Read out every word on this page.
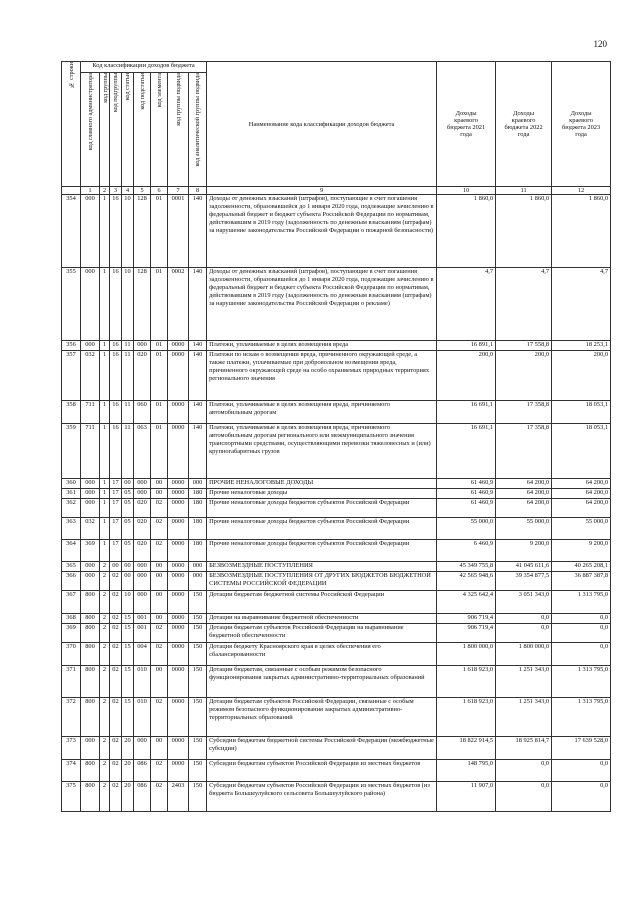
120
№ строки	Код классификации доходов бюджета								Наименование кода классификации доходов бюджета	Доходы краевого бюджета 2021 года	Доходы краевого бюджета 2022 года	Доходы краевого бюджета 2023 года

	код главного администратора	код группы	код подгруппы	код статьи	код подстатьи	код элемента	код группы подвида	код аналитической группы подвида				

	1	2	3	4	5	6	7	8	9	10	11	12
354	000	1	16	10	128	01	0001	140	Доходы от денежных взысканий (штрафов), поступающие в счет погашения задолженности, образовавшейся до 1 января 2020 года, подлежащие зачислению в федеральный бюджет и бюджет субъекта Российской Федерации по нормативам, действовавшим в 2019 году (задолженность по денежным взысканиям (штрафам) за нарушение законодательства Российской Федерации о пожарной безопасности)	1 860,0	1 860,0	1 860,0
355	000	1	16	10	128	01	0002	140	Доходы от денежных взысканий (штрафов), поступающие в счет погашения задолженности, образовавшейся до 1 января 2020 года, подлежащие зачислению в федеральный бюджет и бюджет субъекта Российской Федерации по нормативам, действовавшим в 2019 году (задолженность по денежным взысканиям (штрафам) за нарушение законодательства Российской Федерации о рекламе)	4,7	4,7	4,7
356	000	1	16	11	000	01	0000	140	Платежи, уплачиваемые в целях возмещения вреда	16 891,1	17 558,8	18 253,1
357	032	1	16	11	020	01	0000	140	Платежи по искам о возмещении вреда, причиненного окружающей среде, а также платежи, уплачиваемые при добровольном возмещении вреда, причиненного окружающей среде на особо охраняемых природных территориях регионального значения	200,0	200,0	200,0
358	711	1	16	11	060	01	0000	140	Платежи, уплачиваемые в целях возмещения вреда, причиняемого автомобильным дорогам	16 691,1	17 358,8	18 053,1
359	711	1	16	11	063	01	0000	140	Платежи, уплачиваемые в целях возмещения вреда, причиняемого автомобильным дорогам регионального или межмуниципального значения транспортными средствами, осуществляющими перевозки тяжеловесных и (или) крупногабаритных грузов	16 691,1	17 358,8	18 053,1
360	000	1	17	00	000	00	0000	000	ПРОЧИЕ НЕНАЛОГОВЫЕ ДОХОДЫ	61 460,9	64 200,0	64 200,0
361	000	1	17	05	000	00	0000	180	Прочие неналоговые доходы	61 460,9	64 200,0	64 200,0
362	000	1	17	05	020	02	0000	180	Прочие неналоговые доходы бюджетов субъектов Российской Федерации	61 460,9	64 200,0	64 200,0
363	032	1	17	05	020	02	0000	180	Прочие неналоговые доходы бюджетов субъектов Российской Федерации	55 000,0	55 000,0	55 000,0
364	369	1	17	05	020	02	0000	180	Прочие неналоговые доходы бюджетов субъектов Российской Федерации	6 460,9	9 200,0	9 200,0
365	000	2	00	00	000	00	0000	000	БЕЗВОЗМЕЗДНЫЕ ПОСТУПЛЕНИЯ	45 349 755,8	41 045 611,6	40 265 208,1
366	000	2	02	00	000	00	0000	000	БЕЗВОЗМЕЗДНЫЕ ПОСТУПЛЕНИЯ ОТ ДРУГИХ БЮДЖЕТОВ БЮДЖЕТНОЙ СИСТЕМЫ РОССИЙСКОЙ ФЕДЕРАЦИИ	42 565 948,6	39 354 877,5	36 887 387,8
367	800	2	02	10	000	00	0000	150	Дотации бюджетам бюджетной системы Российской Федерации	4 325 642,4	3 051 343,0	1 313 795,0
368	800	2	02	15	001	00	0000	150	Дотации на выравнивание бюджетной обеспеченности	906 719,4	0,0	0,0
369	800	2	02	15	001	02	0000	150	Дотации бюджетам субъектов Российской Федерации на выравнивание бюджетной обеспеченности	906 719,4	0,0	0,0
370	800	2	02	15	004	02	0000	150	Дотация бюджету Красноярского края в целях обеспечения его сбалансированности	1 800 000,0	1 800 000,0	0,0
371	800	2	02	15	010	00	0000	150	Дотации бюджетам, связанные с особым режимом безопасного функционирования закрытых административно-территориальных образований	1 618 923,0	1 251 343,0	1 313 795,0
372	800	2	02	15	010	02	0000	150	Дотации бюджетам субъектов Российской Федерации, связанные с особым режимом безопасного функционирования закрытых административно-территориальных образований	1 618 923,0	1 251 343,0	1 313 795,0
373	000	2	02	20	000	00	0000	150	Субсидии бюджетам бюджетной системы Российской Федерации (межбюджетные субсидии)	18 822 914,5	18 925 814,7	17 639 528,0
374	800	2	02	20	086	02	0000	150	Субсидии бюджетам субъектов Российской Федерации из местных бюджетов	148 795,0	0,0	0,0
375	800	2	02	20	086	02	2403	150	Субсидии бюджетам субъектов Российской Федерации из местных бюджетов (из бюджета Большеулуйского сельсовета Большеулуйского района)	11 907,0	0,0	0,0
